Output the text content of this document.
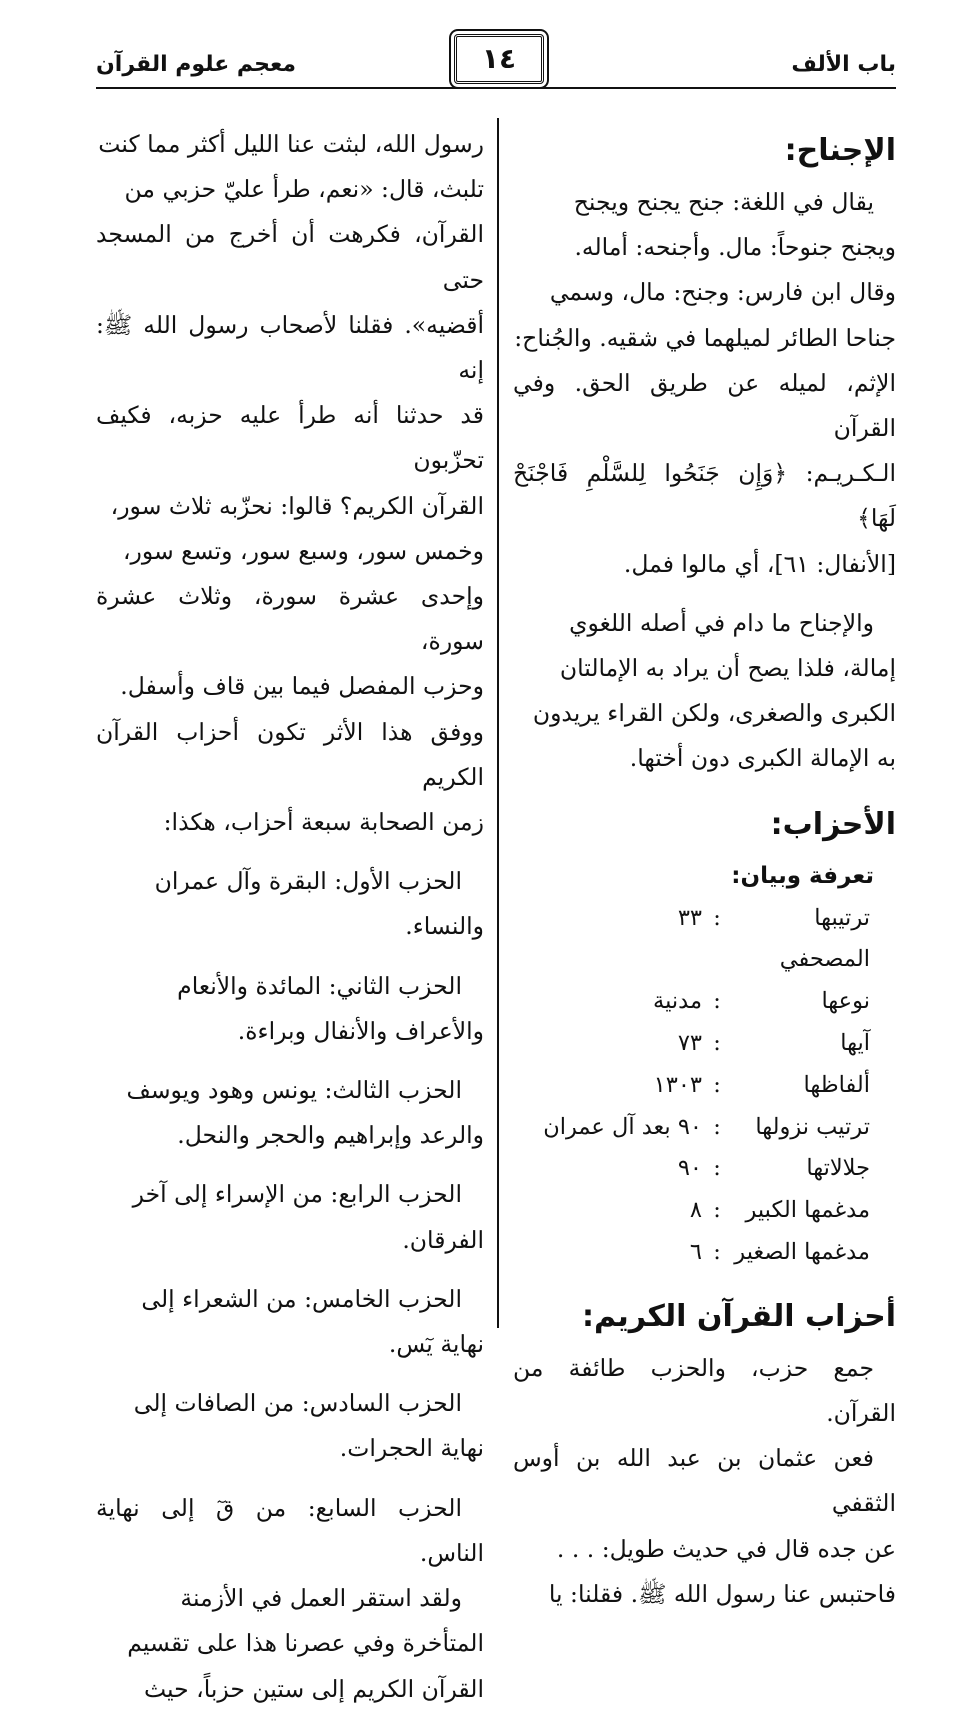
باب الألف
١٤
معجم علوم القرآن
الإجناح:

يقال في اللغة: جنح يجنح ويجنح

ويجنح جنوحاً: مال. وأجنحه: أماله.

وقال ابن فارس: وجنح: مال، وسمي

جناحا الطائر لميلهما في شقيه. والجُناح:

الإثم، لميله عن طريق الحق. وفي القرآن

الـكـريـم: ﴿وَإِن جَنَحُوا لِلسَّلْمِ فَاجْنَحْ لَهَا﴾

[الأنفال: ٦١]، أي مالوا فمل.

والإجناح ما دام في أصله اللغوي

إمالة، فلذا يصح أن يراد به الإمالتان

الكبرى والصغرى، ولكن القراء يريدون

به الإمالة الكبرى دون أختها.

الأحزاب:
تعرفة وبيان:
ترتيبها المصحفي
:
٣٣
نوعها
:
مدنية
آيها
:
٧٣
ألفاظها
:
١٣٠٣
ترتيب نزولها
:
٩٠ بعد آل عمران
جلالاتها
:
٩٠
مدغمها الكبير
:
٨
مدغمها الصغير
:
٦
أحزاب القرآن الكريم:

جمع حزب، والحزب طائفة من القرآن.

فعن عثمان بن عبد الله بن أوس الثقفي

عن جده قال في حديث طويل: . . .

فاحتبس عنا رسول الله ﷺ. فقلنا: يا

رسول الله، لبثت عنا الليل أكثر مما كنت

تلبث، قال: «نعم، طرأ عليّ حزبي من

القرآن، فكرهت أن أخرج من المسجد حتى

أقضيه». فقلنا لأصحاب رسول الله ﷺ: إنه

قد حدثنا أنه طرأ عليه حزبه، فكيف تحزّبون

القرآن الكريم؟ قالوا: نحزّبه ثلاث سور،

وخمس سور، وسبع سور، وتسع سور،

وإحدى عشرة سورة، وثلاث عشرة سورة،

وحزب المفصل فيما بين قاف وأسفل.

ووفق هذا الأثر تكون أحزاب القرآن الكريم

زمن الصحابة سبعة أحزاب، هكذا:

الحزب الأول: البقرة وآل عمران

والنساء.

الحزب الثاني: المائدة والأنعام

والأعراف والأنفال وبراءة.

الحزب الثالث: يونس وهود ويوسف

والرعد وإبراهيم والحجر والنحل.

الحزب الرابع: من الإسراء إلى آخر

الفرقان.

الحزب الخامس: من الشعراء إلى

نهاية يٓس.

الحزب السادس: من الصافات إلى

نهاية الحجرات.

الحزب السابع: من قٓ إلى نهاية الناس.

ولقد استقر العمل في الأزمنة

المتأخرة وفي عصرنا هذا على تقسيم

القرآن الكريم إلى ستين حزباً، حيث
